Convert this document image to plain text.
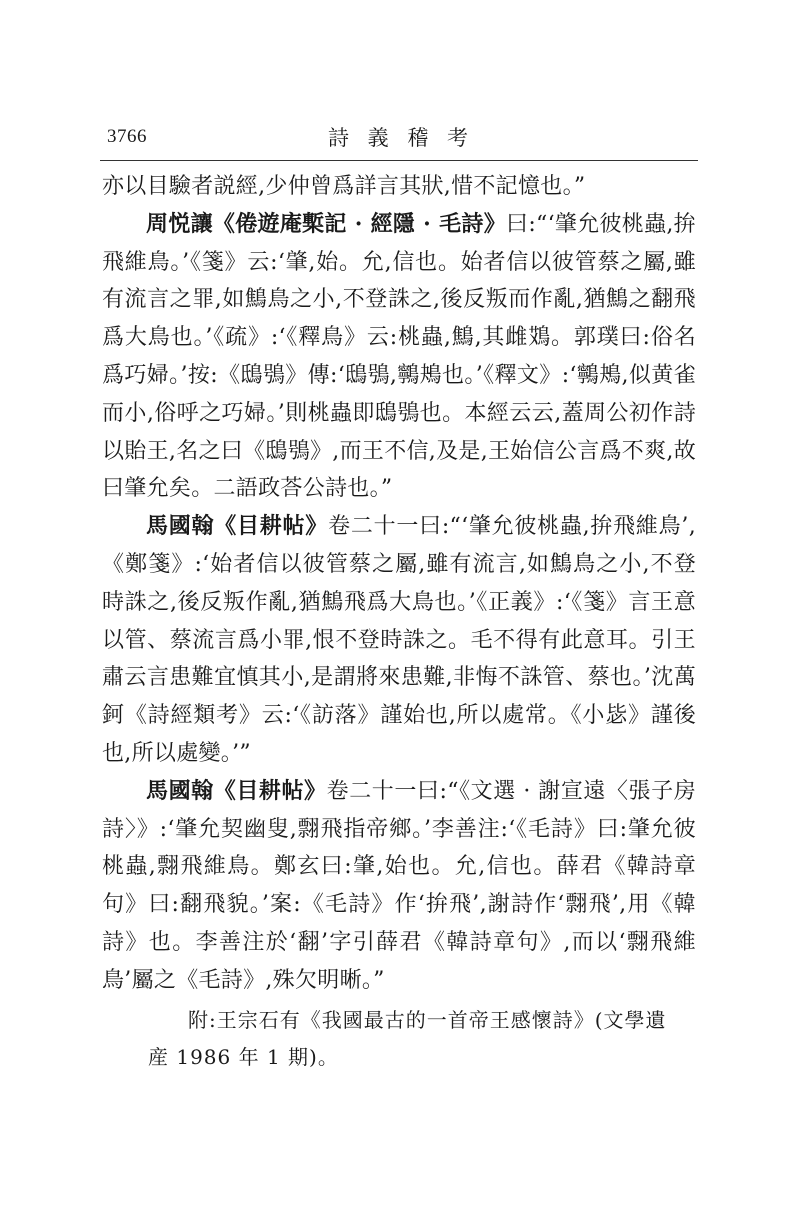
3766	詩 義 稽 考

亦以目驗者説經,少仲曾爲詳言其狀,惜不記憶也。”

周悦讓《倦遊庵槧記 · 經隱 · 毛詩》曰:“‘肇允彼桃蟲,拚飛維鳥。’《箋》云:‘肇,始。允,信也。始者信以彼管蔡之屬,雖有流言之罪,如鷦鳥之小,不登誅之,後反叛而作亂,猶鷦之翻飛爲大鳥也。’《疏》:‘《釋鳥》云:桃蟲,鷦,其雌鴱。郭璞曰:俗名爲巧婦。’按:《鴟鴞》傳:‘鴟鴞,鸋鴂也。’《釋文》:‘鸋鴂,似黄雀而小,俗呼之巧婦。’則桃蟲即鴟鴞也。本經云云,蓋周公初作詩以貽王,名之曰《鴟鴞》,而王不信,及是,王始信公言爲不爽,故曰肇允矣。二語政荅公詩也。”

馬國翰《目耕帖》卷二十一曰:“‘肇允彼桃蟲,拚飛維鳥’,《鄭箋》:‘始者信以彼管蔡之屬,雖有流言,如鷦鳥之小,不登時誅之,後反叛作亂,猶鷦飛爲大鳥也。’《正義》:‘《箋》言王意以管、蔡流言爲小罪,恨不登時誅之。毛不得有此意耳。引王肅云言患難宜慎其小,是謂將來患難,非悔不誅管、蔡也。’沈萬鈳《詩經類考》云:‘《訪落》謹始也,所以處常。《小毖》謹後也,所以處變。’”

馬國翰《目耕帖》卷二十一曰:“《文選 · 謝宣遠〈張子房詩〉》:‘肇允契幽叟,翲飛指帝鄉。’李善注:‘《毛詩》曰:肇允彼桃蟲,翲飛維鳥。鄭玄曰:肇,始也。允,信也。薛君《韓詩章句》曰:翻飛貌。’案:《毛詩》作‘拚飛’,謝詩作‘翲飛’,用《韓詩》也。李善注於‘翻’字引薛君《韓詩章句》,而以‘翲飛維鳥’屬之《毛詩》,殊欠明晰。”

附:王宗石有《我國最古的一首帝王感懷詩》(文學遺
産 1986 年 1 期)。
